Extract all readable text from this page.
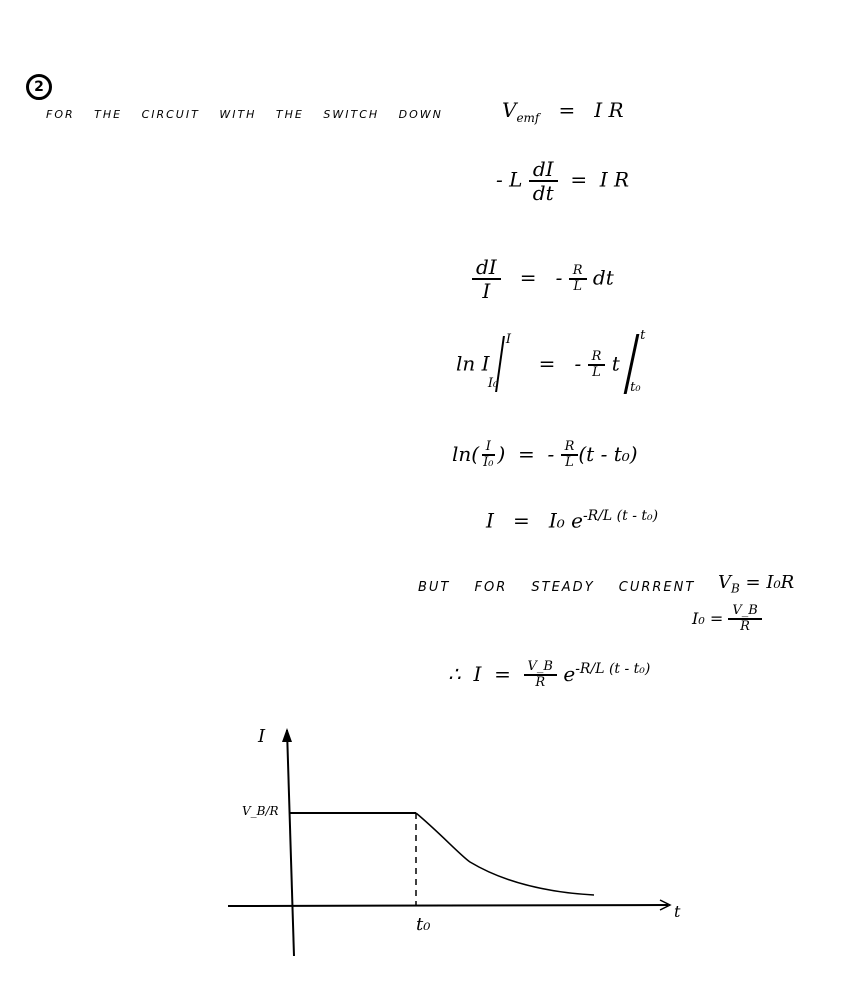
2
FOR THE CIRCUIT WITH THE SWITCH DOWN	$V_{emf} = I$ R
- L $\frac{dI}{dt} = I$ R
$\frac{dI}{I}$ =   - $\frac{R}{L}$ dt
ln I
I
I₀
=   - $\frac{R}{L}$ t
t
t₀
$\ln( \frac{I}{\text{I₀}}$ )  =  - $\frac{R}{L} (t - t_0)$
I   =   I₀ $e^{-R/L (t - t_0)}$
BUT FOR STEADY CURRENT $V_B = I_0R$
$I_0 = \frac{V\_B}{R}$
∴ $I = \frac{V\_B}{R} e^{-R/L (t - t_0)}$
I
t
V_B/R
t₀
